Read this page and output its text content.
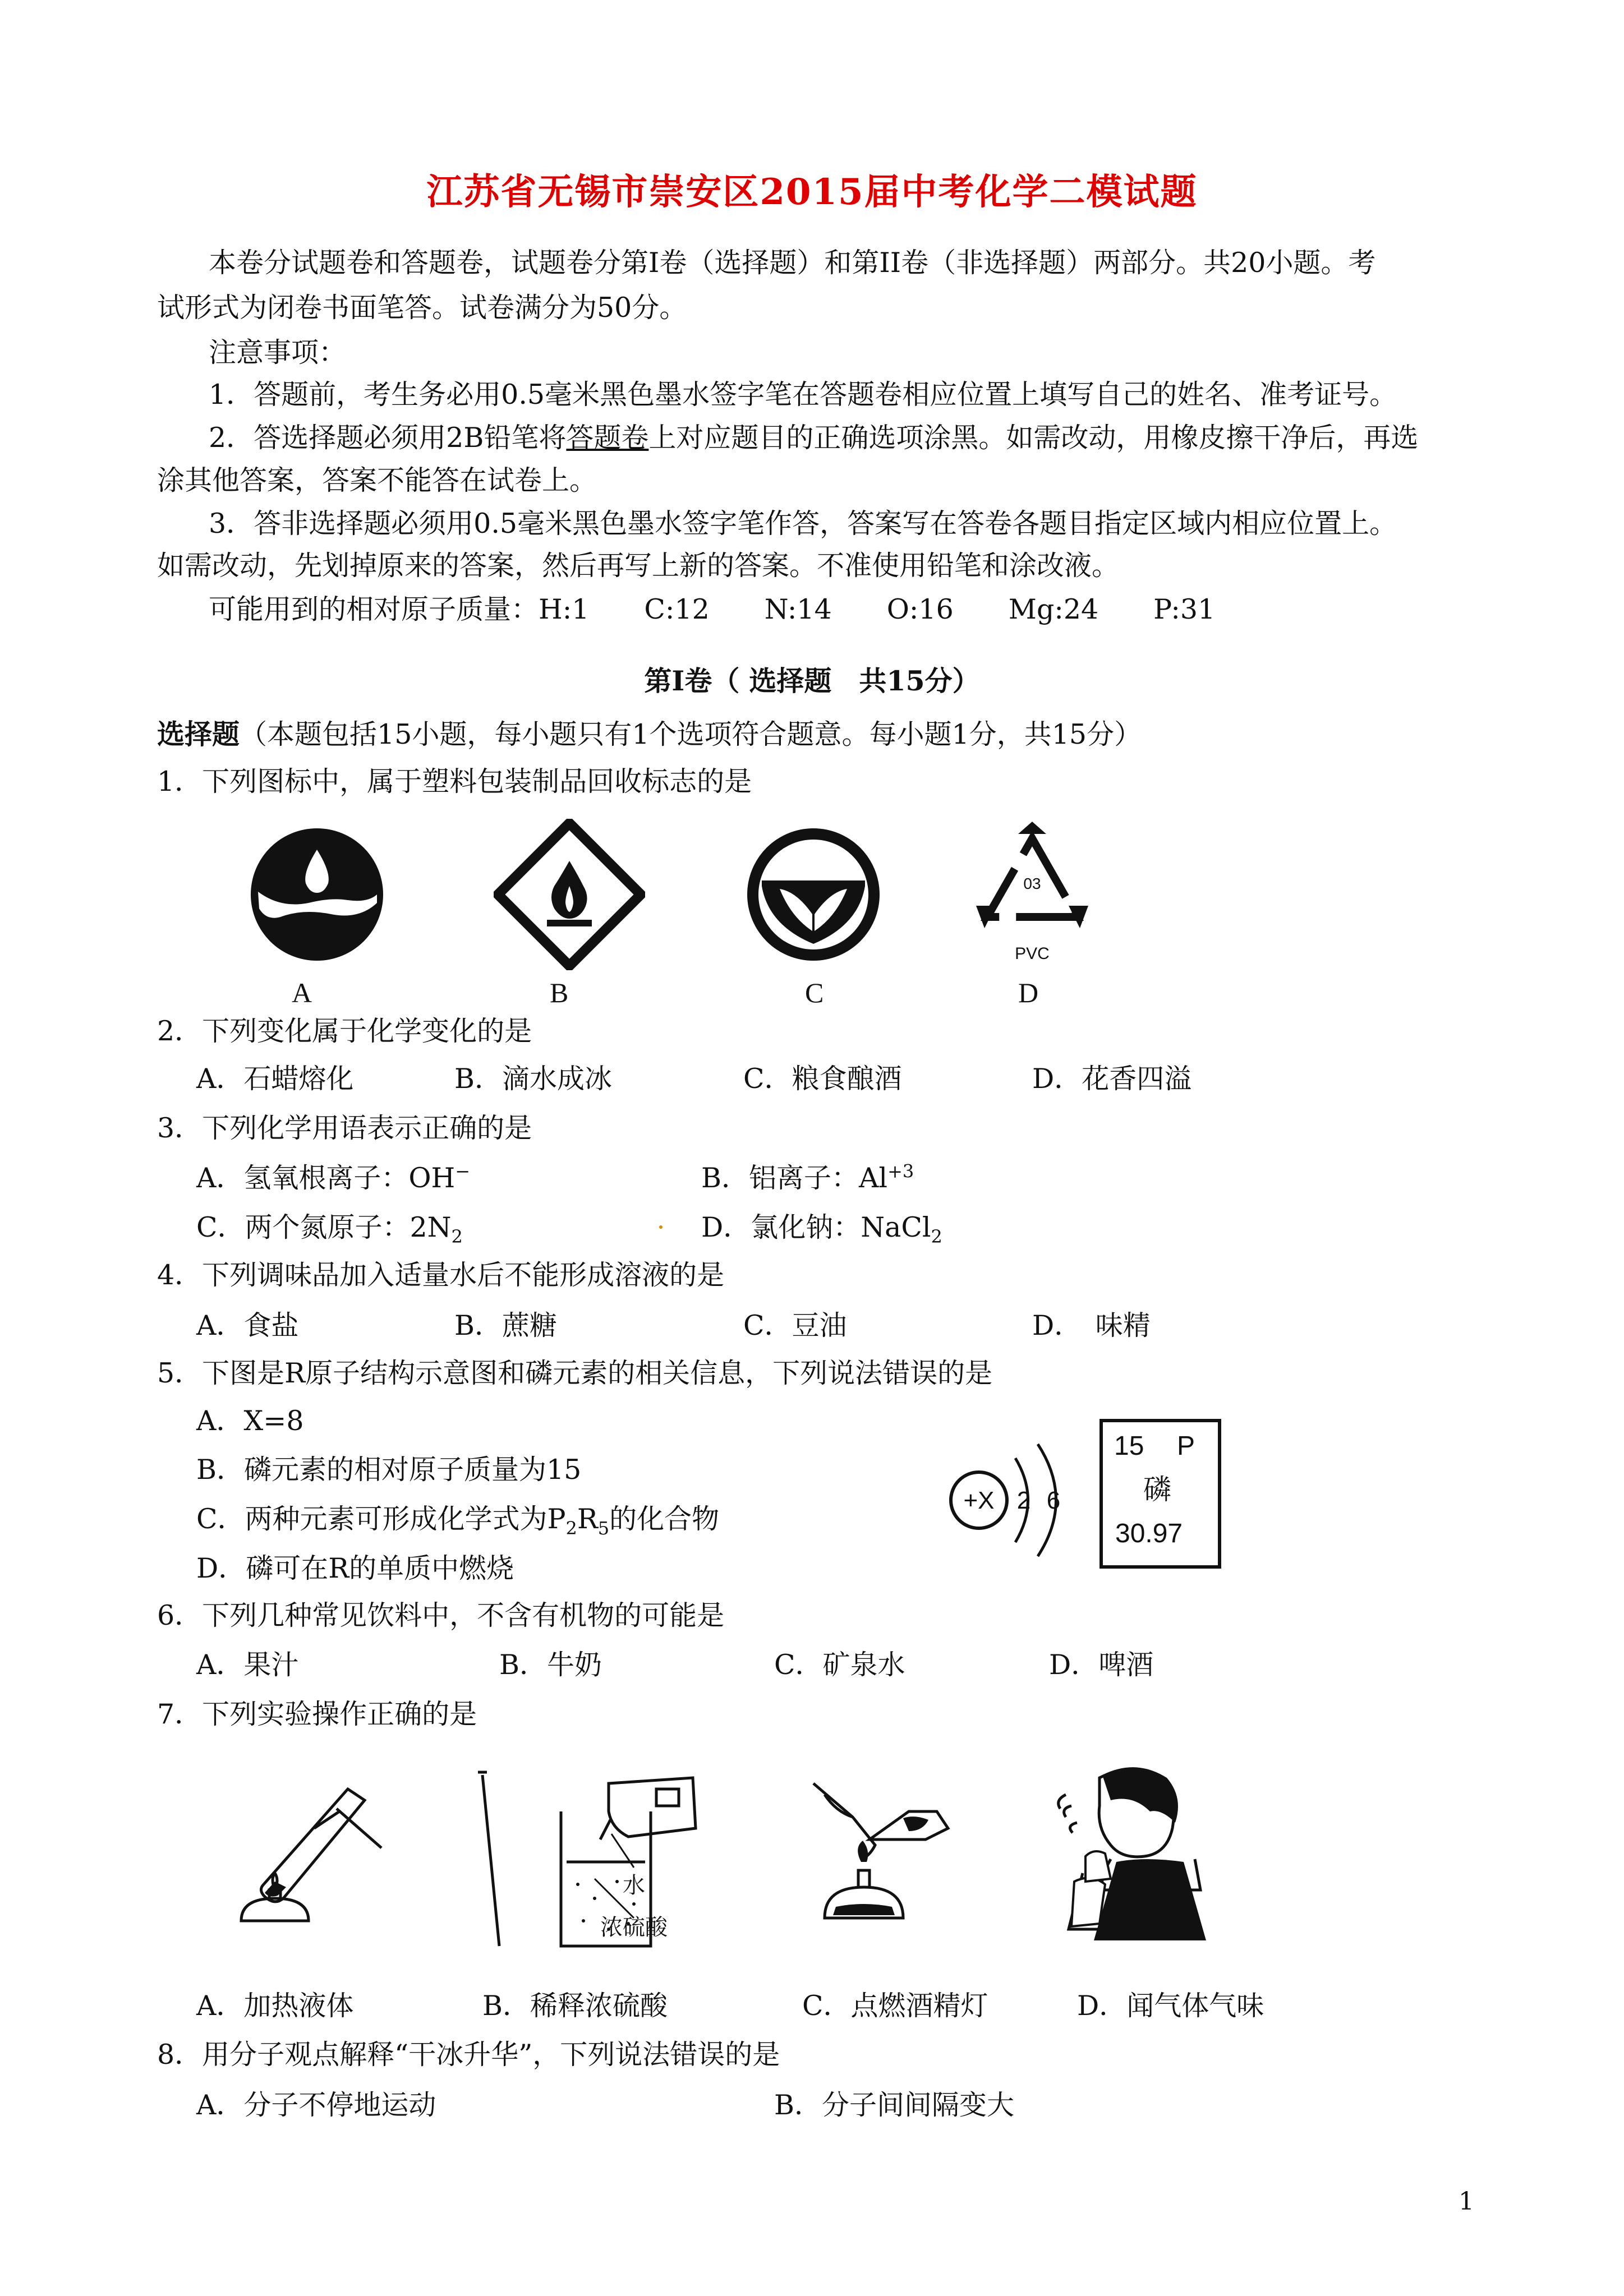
江苏省无锡市崇安区2015届中考化学二模试题
本卷分试题卷和答题卷，试题卷分第Ⅰ卷（选择题）和第II卷（非选择题）两部分。共20小题。考
试形式为闭卷书面笔答。试卷满分为50分。
注意事项：
1．答题前，考生务必用0.5毫米黑色墨水签字笔在答题卷相应位置上填写自己的姓名、准考证号。
2．答选择题必须用2B铅笔将答题卷上对应题目的正确选项涂黑。如需改动，用橡皮擦干净后，再选
涂其他答案，答案不能答在试卷上。
3．答非选择题必须用0.5毫米黑色墨水签字笔作答，答案写在答卷各题目指定区域内相应位置上。
如需改动，先划掉原来的答案，然后再写上新的答案。不准使用铅笔和涂改液。
可能用到的相对原子质量：H:1　　C:12　　N:14　　O:16　　Mg:24　　P:31
第Ⅰ卷（ 选择题　共15分）
选择题（本题包括15小题，每小题只有1个选项符合题意。每小题1分，共15分）
1．下列图标中，属于塑料包装制品回收标志的是
03
PVC
A	B	C	D
2．下列变化属于化学变化的是
A．石蜡熔化	B．滴水成冰	C．粮食酿酒	D．花香四溢
3．下列化学用语表示正确的是
A．氢氧根离子：OH−	B．铝离子：$Al^{+3}$
C．两个氮原子：$2N_2$	D．氯化钠：NaCl$_2$
4．下列调味品加入适量水后不能形成溶液的是
A．食盐	B．蔗糖	C．豆油	D．　味精
5．下图是R原子结构示意图和磷元素的相关信息，下列说法错误的是
A．X=8
B．磷元素的相对原子质量为15
C．两种元素可形成化学式为$P_2R_5$的化合物
D．磷可在R的单质中燃烧
+X 2 6
15 P
磷
30.97
6．下列几种常见饮料中，不含有机物的可能是
A．果汁	B．牛奶	C．矿泉水	D．啤酒
7．下列实验操作正确的是
水
浓硫酸
A．加热液体	B．稀释浓硫酸	C．点燃酒精灯	D．闻气体气味
8．用分子观点解释“干冰升华”，下列说法错误的是
A．分子不停地运动	B．分子间间隔变大
1
